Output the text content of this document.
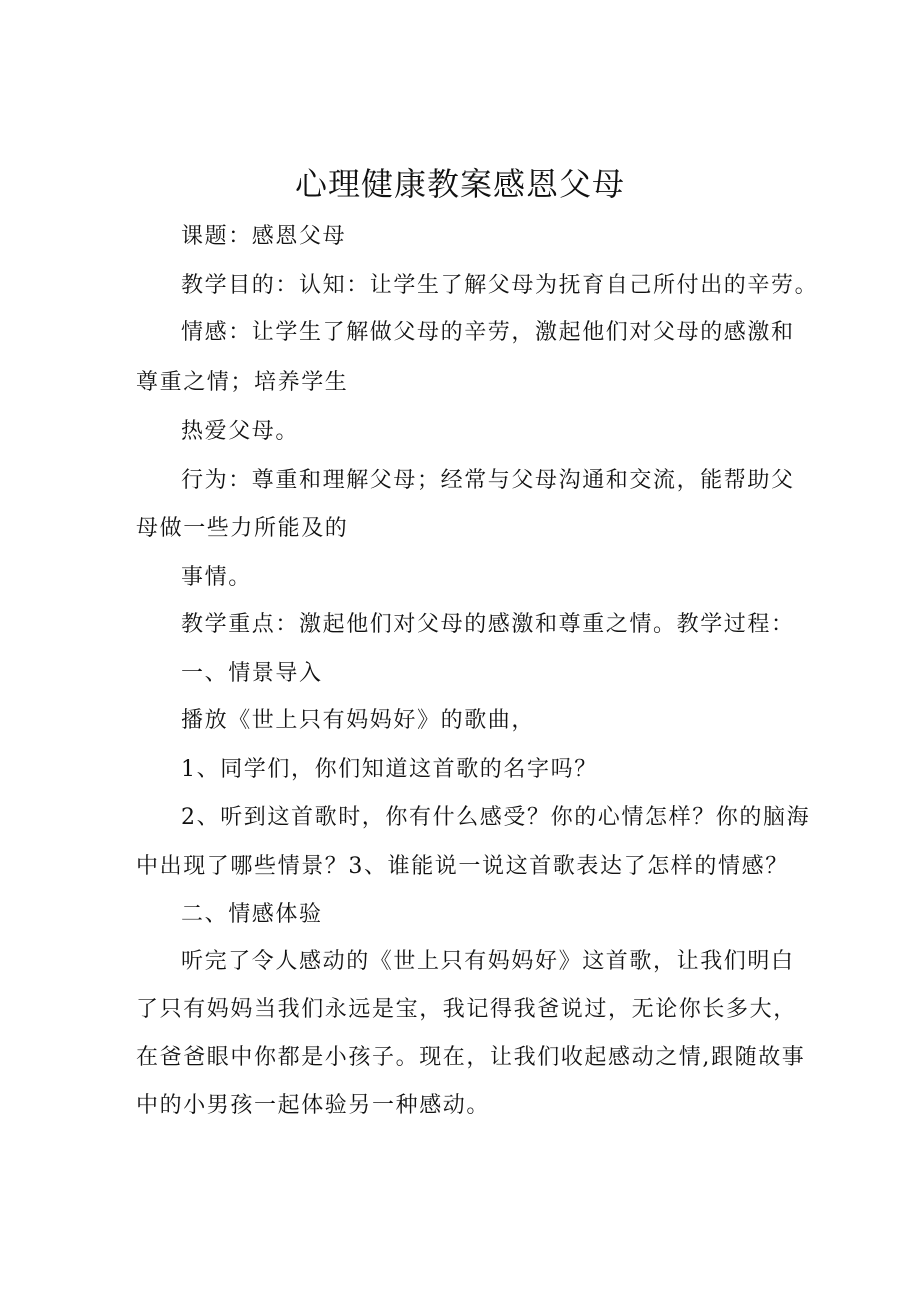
心理健康教案感恩父母
课题：感恩父母
教学目的：认知：让学生了解父母为抚育自己所付出的辛劳。
情感：让学生了解做父母的辛劳，激起他们对父母的感激和
尊重之情；培养学生
热爱父母。
行为：尊重和理解父母；经常与父母沟通和交流，能帮助父
母做一些力所能及的
事情。
教学重点：激起他们对父母的感激和尊重之情。教学过程：
一、情景导入
播放《世上只有妈妈好》的歌曲，
1、同学们，你们知道这首歌的名字吗？
2、听到这首歌时，你有什么感受？你的心情怎样？你的脑海
中出现了哪些情景？3、谁能说一说这首歌表达了怎样的情感？
二、情感体验
听完了令人感动的《世上只有妈妈好》这首歌，让我们明白
了只有妈妈当我们永远是宝，我记得我爸说过，无论你长多大，
在爸爸眼中你都是小孩子。现在，让我们收起感动之情,跟随故事
中的小男孩一起体验另一种感动。
